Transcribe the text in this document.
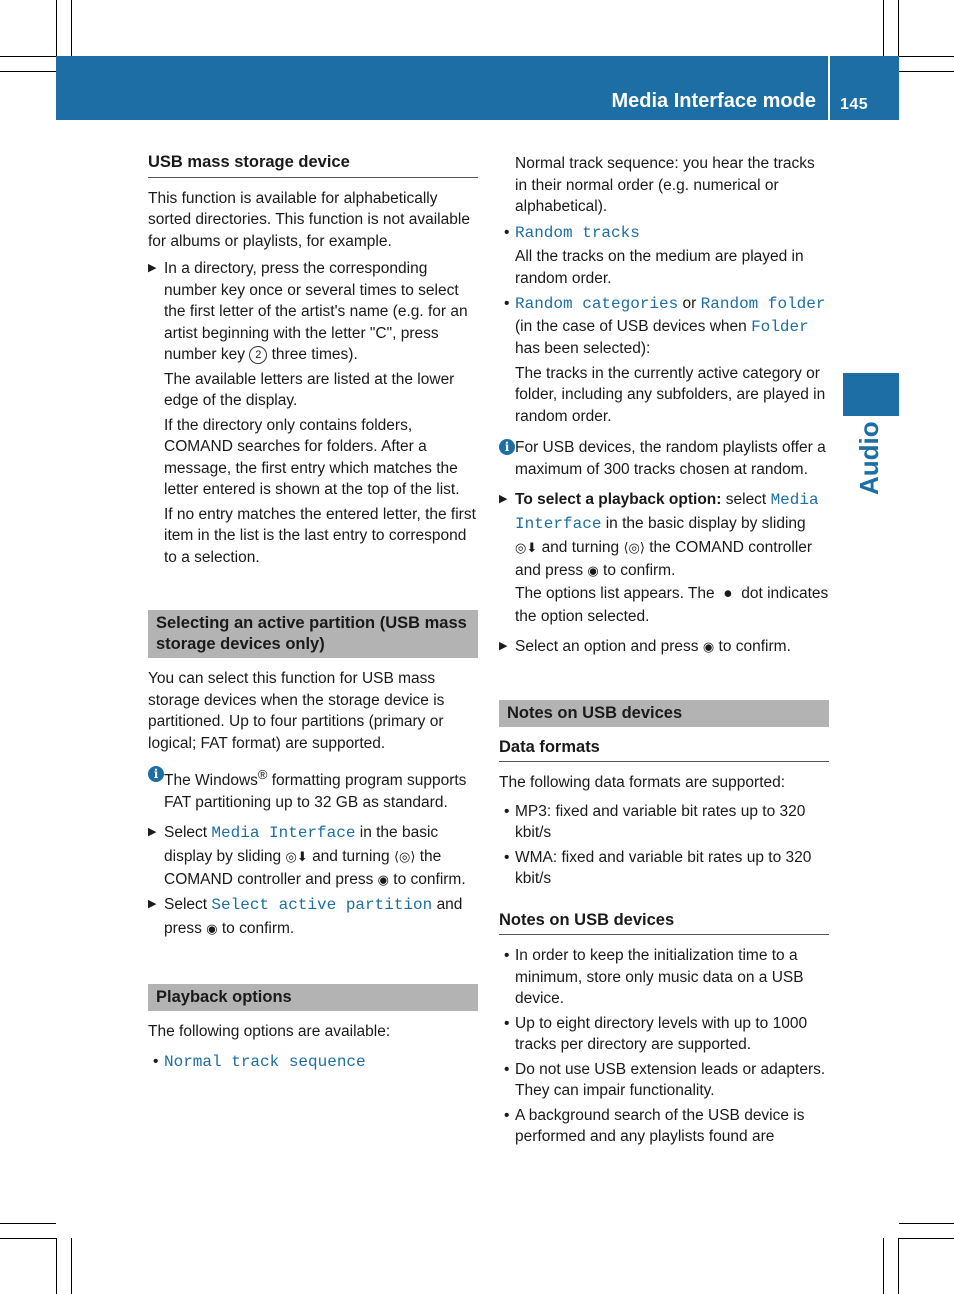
Media Interface mode 145
Audio
USB mass storage device

This function is available for alphabetically sorted directories. This function is not available for albums or playlists, for example.

▶ In a directory, press the corresponding number key once or several times to select the first letter of the artist's name (e.g. for an artist beginning with the letter "C", press number key 2 three times).

The available letters are listed at the lower edge of the display.

If the directory only contains folders, COMAND searches for folders. After a message, the first entry which matches the letter entered is shown at the top of the list.

If no entry matches the entered letter, the first item in the list is the last entry to correspond to a selection.

Selecting an active partition (USB mass storage devices only)

You can select this function for USB mass storage devices when the storage device is partitioned. Up to four partitions (primary or logical; FAT format) are supported.

i The Windows® formatting program supports FAT partitioning up to 32 GB as standard.
▶ Select Media Interface in the basic display by sliding ◎⬇ and turning ⟨◎⟩ the COMAND controller and press ◉ to confirm.
▶ Select Select active partition and press ◉ to confirm.
Playback options

The following options are available:

• Normal track sequence

Normal track sequence: you hear the tracks in their normal order (e.g. numerical or alphabetical).

• Random tracks

All the tracks on the medium are played in random order.

• Random categories or Random folder (in the case of USB devices when Folder has been selected):

The tracks in the currently active category or folder, including any subfolders, are played in random order.

i For USB devices, the random playlists offer a maximum of 300 tracks chosen at random.
▶ To select a playback option: select Media Interface in the basic display by sliding ◎⬇ and turning ⟨◎⟩ the COMAND controller and press ◉ to confirm.

The options list appears. The  ●  dot indicates the option selected.

▶ Select an option and press ◉ to confirm.
Notes on USB devices
Data formats

The following data formats are supported:

• MP3: fixed and variable bit rates up to 320 kbit/s
• WMA: fixed and variable bit rates up to 320 kbit/s
Notes on USB devices
• In order to keep the initialization time to a minimum, store only music data on a USB device.
• Up to eight directory levels with up to 1000 tracks per directory are supported.
• Do not use USB extension leads or adapters. They can impair functionality.
• A background search of the USB device is performed and any playlists found are
